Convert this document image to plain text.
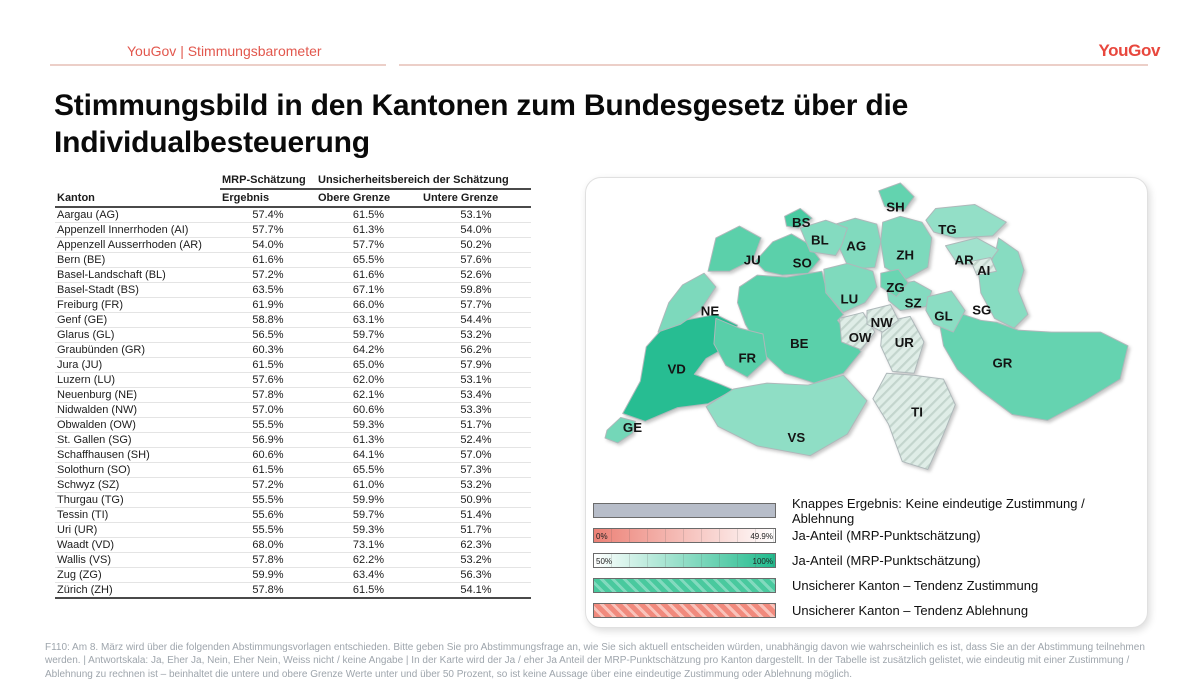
YouGov | Stimmungsbarometer	YouGov
Stimmungsbild in den Kantonen zum Bundesgesetz über die Individualbesteuerung
	MRP-Schätzung	Unsicherheitsbereich der Schätzung	
Kanton	Ergebnis	Obere Grenze	Untere Grenze
Aargau (AG)	57.4%	61.5%	53.1%
Appenzell Innerrhoden (AI)	57.7%	61.3%	54.0%
Appenzell Ausserrhoden (AR)	54.0%	57.7%	50.2%
Bern (BE)	61.6%	65.5%	57.6%
Basel-Landschaft (BL)	57.2%	61.6%	52.6%
Basel-Stadt (BS)	63.5%	67.1%	59.8%
Freiburg (FR)	61.9%	66.0%	57.7%
Genf (GE)	58.8%	63.1%	54.4%
Glarus (GL)	56.5%	59.7%	53.2%
Graubünden (GR)	60.3%	64.2%	56.2%
Jura (JU)	61.5%	65.0%	57.9%
Luzern (LU)	57.6%	62.0%	53.1%
Neuenburg (NE)	57.8%	62.1%	53.4%
Nidwalden (NW)	57.0%	60.6%	53.3%
Obwalden (OW)	55.5%	59.3%	51.7%
St. Gallen (SG)	56.9%	61.3%	52.4%
Schaffhausen (SH)	60.6%	64.1%	57.0%
Solothurn (SO)	61.5%	65.5%	57.3%
Schwyz (SZ)	57.2%	61.0%	53.2%
Thurgau (TG)	55.5%	59.9%	50.9%
Tessin (TI)	55.6%	59.7%	51.4%
Uri (UR)	55.5%	59.3%	51.7%
Waadt (VD)	68.0%	73.1%	62.3%
Wallis (VS)	57.8%	62.2%	53.2%
Zug (ZG)	59.9%	63.4%	56.3%
Zürich (ZH)	57.8%	61.5%	54.1%
SH
BS	TG
BL AG
ZH	AR
AI
JU SO
ZG
NE
LU	SZ
GL SG
NW
OW UR
BE
FR	GR
VD
GE
VS
TI
Knappes Ergebnis: Keine eindeutige Zustimmung / Ablehnung
0%	49.9% Ja-Anteil (MRP-Punktschätzung)
50%	100% Ja-Anteil (MRP-Punktschätzung)
Unsicherer Kanton – Tendenz Zustimmung
Unsicherer Kanton – Tendenz Ablehnung

F110: Am 8. März wird über die folgenden Abstimmungsvorlagen entschieden. Bitte geben Sie pro Abstimmungsfrage an, wie Sie sich aktuell entscheiden würden, unabhängig davon wie wahrscheinlich es ist, dass Sie an der Abstimmung teilnehmen werden. | Antwortskala: Ja, Eher Ja, Nein, Eher Nein, Weiss nicht / keine Angabe | In der Karte wird der Ja / eher Ja Anteil der MRP-Punktschätzung pro Kanton dargestellt. In der Tabelle ist zusätzlich gelistet, wie eindeutig mit einer Zustimmung / Ablehnung zu rechnen ist – beinhaltet die untere und obere Grenze Werte unter und über 50 Prozent, so ist keine Aussage über eine eindeutige Zustimmung oder Ablehnung möglich.
